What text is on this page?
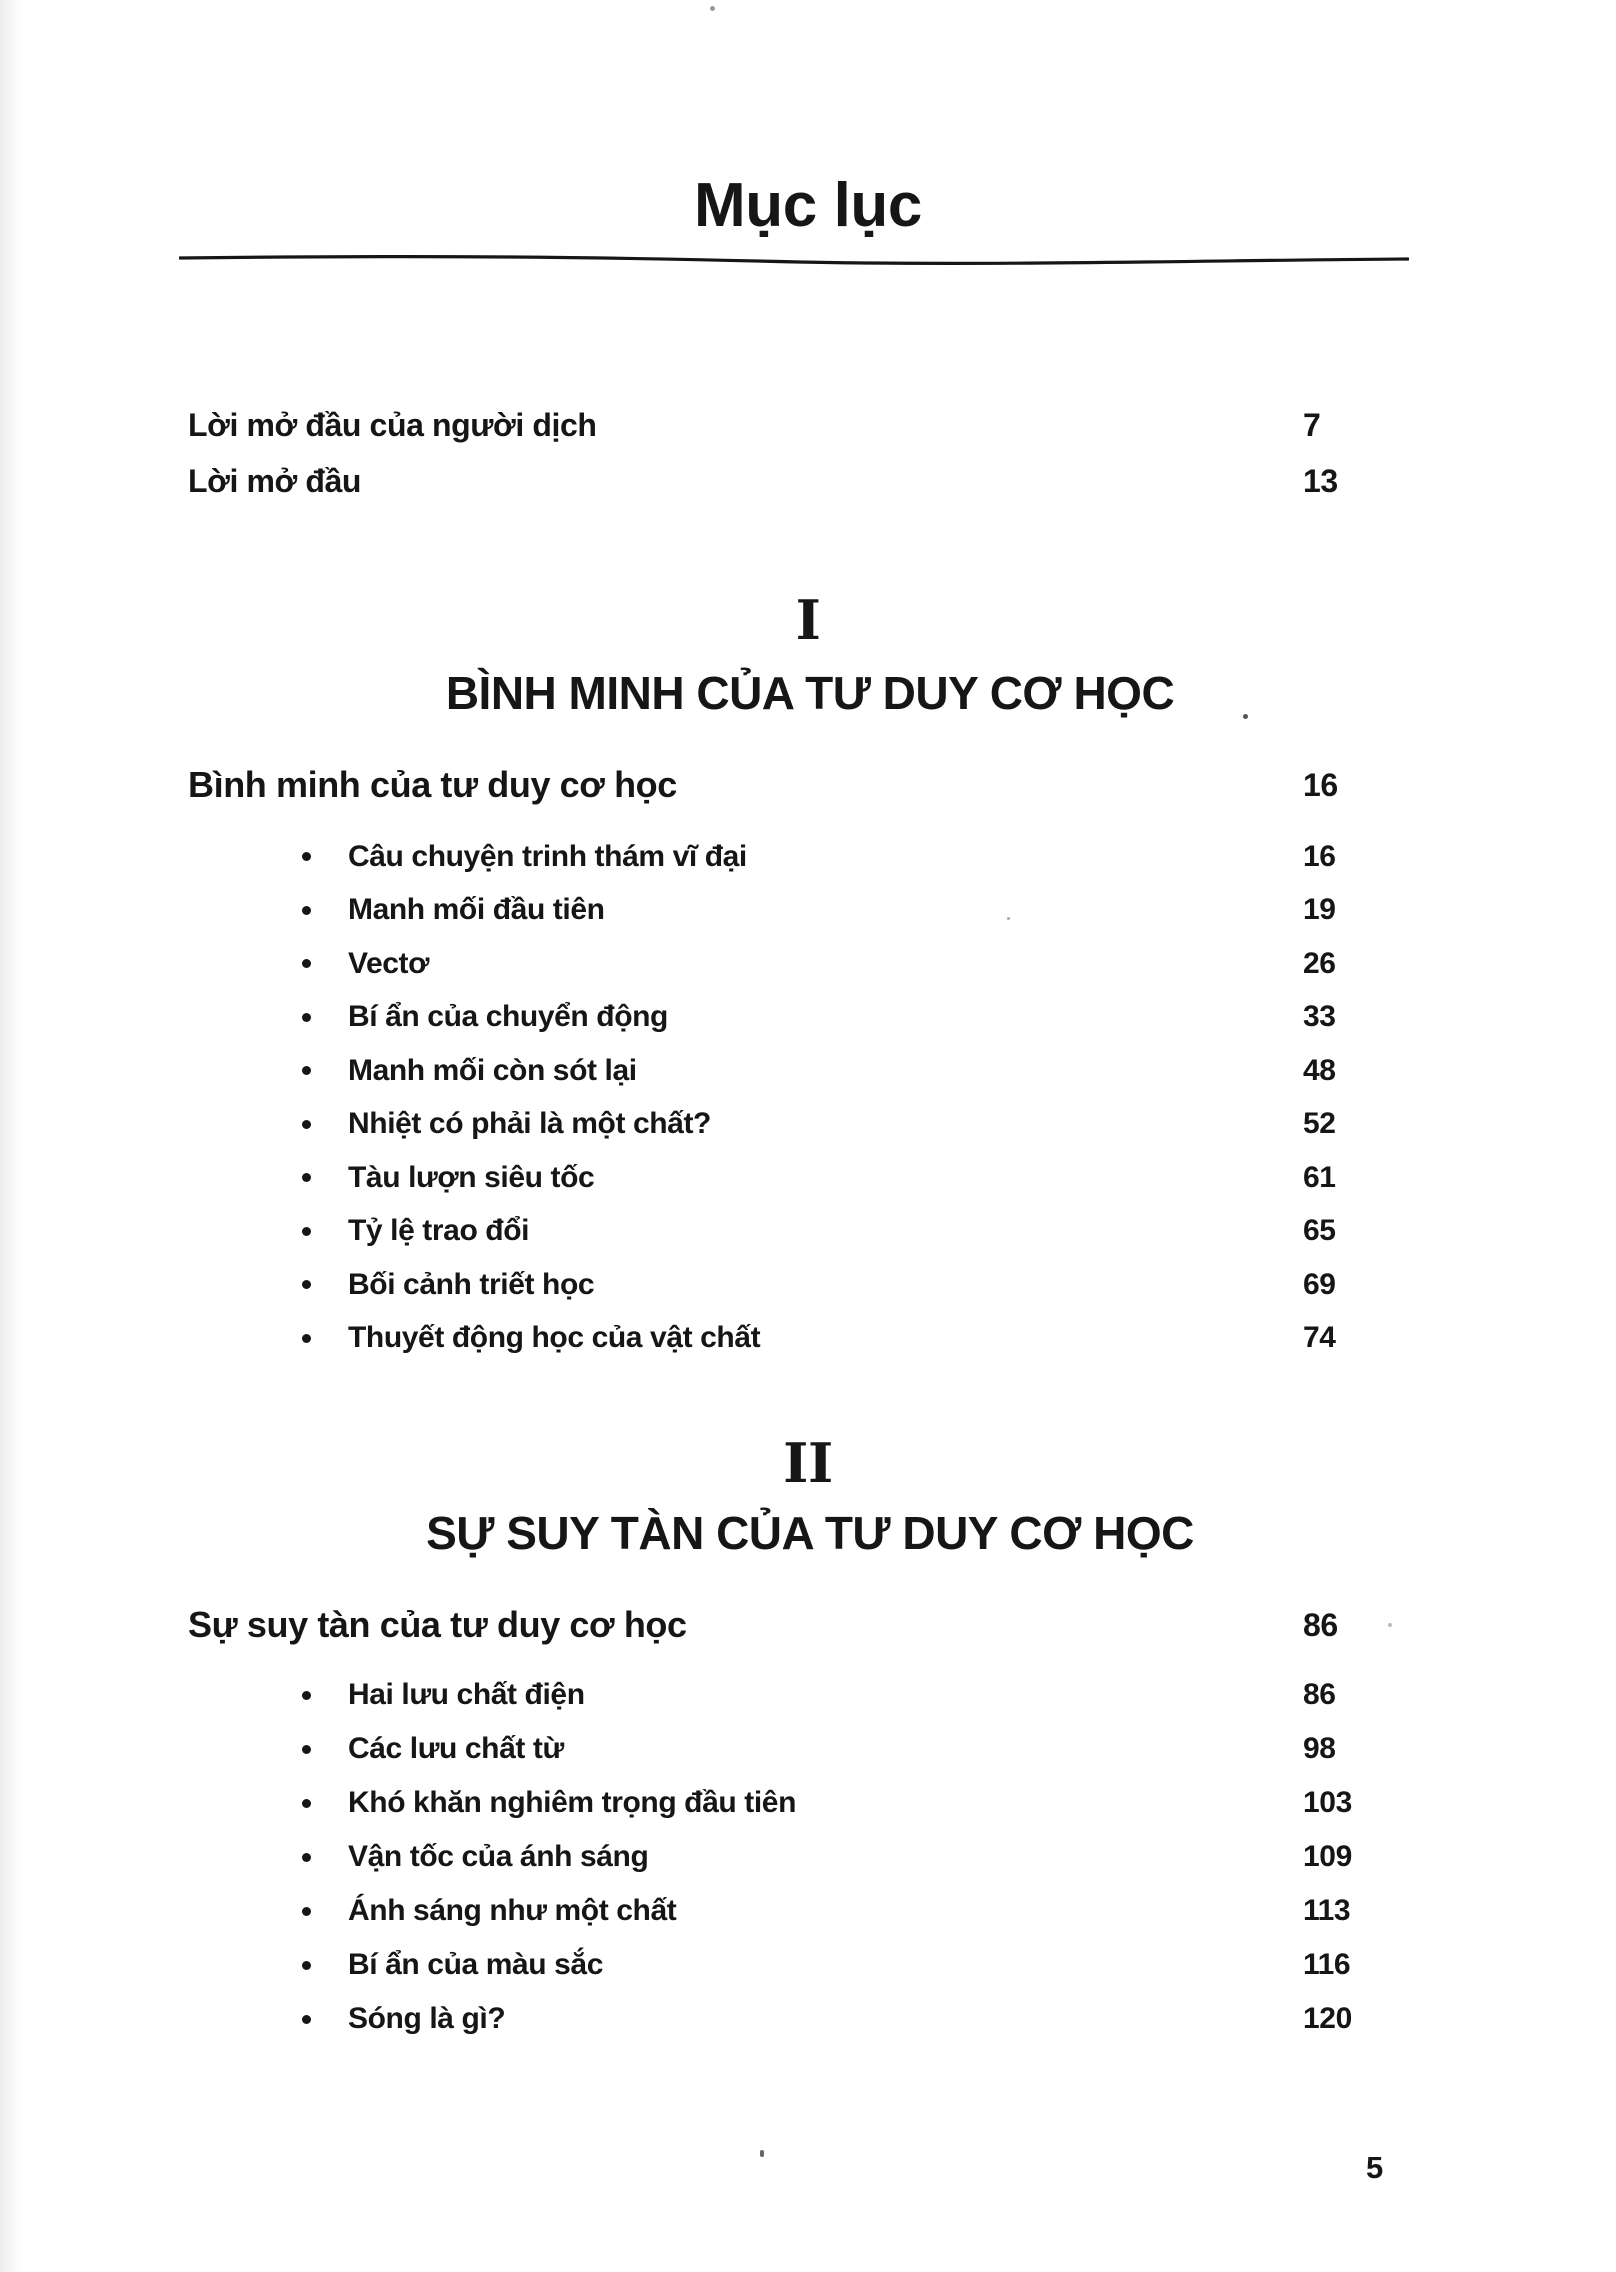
Mục lục
Lời mở đầu của người dịch	7
Lời mở đầu	13
I
BÌNH MINH CỦA TƯ DUY CƠ HỌC
Bình minh của tư duy cơ học	16
Câu chuyện trinh thám vĩ đại	16
Manh mối đầu tiên	19
Vectơ	26
Bí ẩn của chuyển động	33
Manh mối còn sót lại	48
Nhiệt có phải là một chất?	52
Tàu lượn siêu tốc	61
Tỷ lệ trao đổi	65
Bối cảnh triết học	69
Thuyết động học của vật chất	74
II
SỰ SUY TÀN CỦA TƯ DUY CƠ HỌC
Sự suy tàn của tư duy cơ học	86
Hai lưu chất điện	86
Các lưu chất từ	98
Khó khăn nghiêm trọng đầu tiên	103
Vận tốc của ánh sáng	109
Ánh sáng như một chất	113
Bí ẩn của màu sắc	116
Sóng là gì?	120
5
